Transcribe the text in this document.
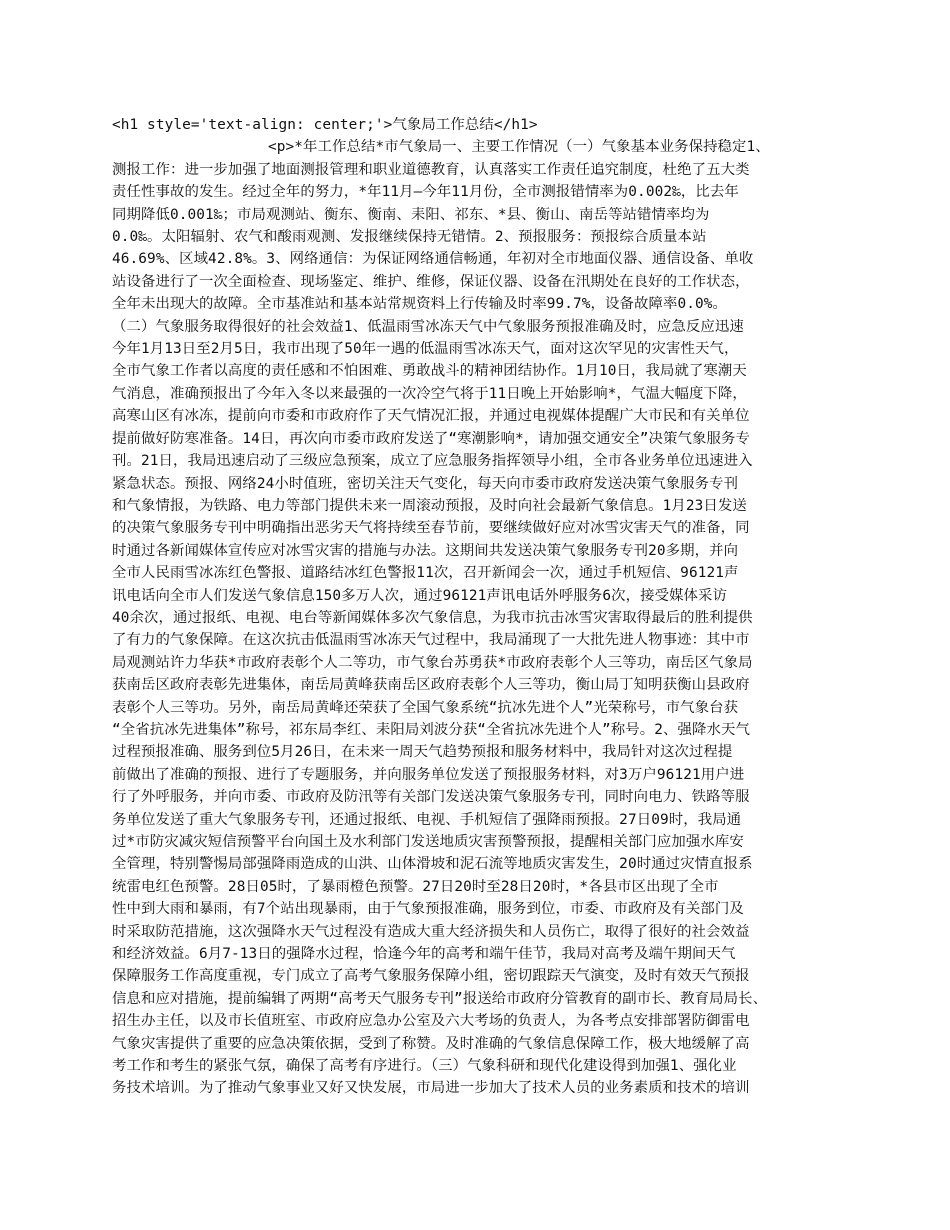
<h1 style='text-align: center;'>气象局工作总结</h1>
<p>*年工作总结*市气象局一、主要工作情况（一）气象基本业务保持稳定1、
测报工作：进一步加强了地面测报管理和职业道德教育，认真落实工作责任追究制度，杜绝了五大类
责任性事故的发生。经过全年的努力，*年11月—今年11月份，全市测报错情率为0.002‰，比去年
同期降低0.001‰；市局观测站、衡东、衡南、耒阳、祁东、*县、衡山、南岳等站错情率均为
0.0‰。太阳辐射、农气和酸雨观测、发报继续保持无错情。2、预报服务：预报综合质量本站
46.69%、区域42.8%。3、网络通信：为保证网络通信畅通，年初对全市地面仪器、通信设备、单收
站设备进行了一次全面检查、现场鉴定、维护、维修，保证仪器、设备在汛期处在良好的工作状态，
全年未出现大的故障。全市基准站和基本站常规资料上行传输及时率99.7%，设备故障率0.0%。
（二）气象服务取得很好的社会效益1、低温雨雪冰冻天气中气象服务预报准确及时，应急反应迅速
今年1月13日至2月5日，我市出现了50年一遇的低温雨雪冰冻天气，面对这次罕见的灾害性天气，
全市气象工作者以高度的责任感和不怕困难、勇敢战斗的精神团结协作。1月10日，我局就了寒潮天
气消息，准确预报出了今年入冬以来最强的一次冷空气将于11日晚上开始影响*，气温大幅度下降，
高寒山区有冰冻，提前向市委和市政府作了天气情况汇报，并通过电视媒体提醒广大市民和有关单位
提前做好防寒准备。14日，再次向市委市政府发送了“寒潮影响*，请加强交通安全”决策气象服务专
刊。21日，我局迅速启动了三级应急预案，成立了应急服务指挥领导小组，全市各业务单位迅速进入
紧急状态。预报、网络24小时值班，密切关注天气变化，每天向市委市政府发送决策气象服务专刊
和气象情报，为铁路、电力等部门提供未来一周滚动预报，及时向社会最新气象信息。1月23日发送
的决策气象服务专刊中明确指出恶劣天气将持续至春节前，要继续做好应对冰雪灾害天气的准备，同
时通过各新闻媒体宣传应对冰雪灾害的措施与办法。这期间共发送决策气象服务专刊20多期，并向
全市人民雨雪冰冻红色警报、道路结冰红色警报11次，召开新闻会一次，通过手机短信、96121声
讯电话向全市人们发送气象信息150多万人次，通过96121声讯电话外呼服务6次，接受媒体采访
40余次，通过报纸、电视、电台等新闻媒体多次气象信息，为我市抗击冰雪灾害取得最后的胜利提供
了有力的气象保障。在这次抗击低温雨雪冰冻天气过程中，我局涌现了一大批先进人物事迹：其中市
局观测站许力华获*市政府表彰个人二等功，市气象台苏勇获*市政府表彰个人三等功，南岳区气象局
获南岳区政府表彰先进集体，南岳局黄峰获南岳区政府表彰个人三等功，衡山局丁知明获衡山县政府
表彰个人三等功。另外，南岳局黄峰还荣获了全国气象系统“抗冰先进个人”光荣称号，市气象台获
“全省抗冰先进集体”称号，祁东局李红、耒阳局刘波分获“全省抗冰先进个人”称号。2、强降水天气
过程预报准确、服务到位5月26日，在未来一周天气趋势预报和服务材料中，我局针对这次过程提
前做出了准确的预报、进行了专题服务，并向服务单位发送了预报服务材料，对3万户96121用户进
行了外呼服务，并向市委、市政府及防汛等有关部门发送决策气象服务专刊，同时向电力、铁路等服
务单位发送了重大气象服务专刊，还通过报纸、电视、手机短信了强降雨预报。27日09时，我局通
过*市防灾减灾短信预警平台向国土及水利部门发送地质灾害预警预报，提醒相关部门应加强水库安
全管理，特别警惕局部强降雨造成的山洪、山体滑坡和泥石流等地质灾害发生，20时通过灾情直报系
统雷电红色预警。28日05时，了暴雨橙色预警。27日20时至28日20时，*各县市区出现了全市
性中到大雨和暴雨，有7个站出现暴雨，由于气象预报准确，服务到位，市委、市政府及有关部门及
时采取防范措施，这次强降水天气过程没有造成大重大经济损失和人员伤亡，取得了很好的社会效益
和经济效益。6月7-13日的强降水过程，恰逢今年的高考和端午佳节，我局对高考及端午期间天气
保障服务工作高度重视，专门成立了高考气象服务保障小组，密切跟踪天气演变，及时有效天气预报
信息和应对措施，提前编辑了两期“高考天气服务专刊”报送给市政府分管教育的副市长、教育局局长、
招生办主任，以及市长值班室、市政府应急办公室及六大考场的负责人，为各考点安排部署防御雷电
气象灾害提供了重要的应急决策依据，受到了称赞。及时准确的气象信息保障工作，极大地缓解了高
考工作和考生的紧张气氛，确保了高考有序进行。（三）气象科研和现代化建设得到加强1、强化业
务技术培训。为了推动气象事业又好又快发展，市局进一步加大了技术人员的业务素质和技术的培训
